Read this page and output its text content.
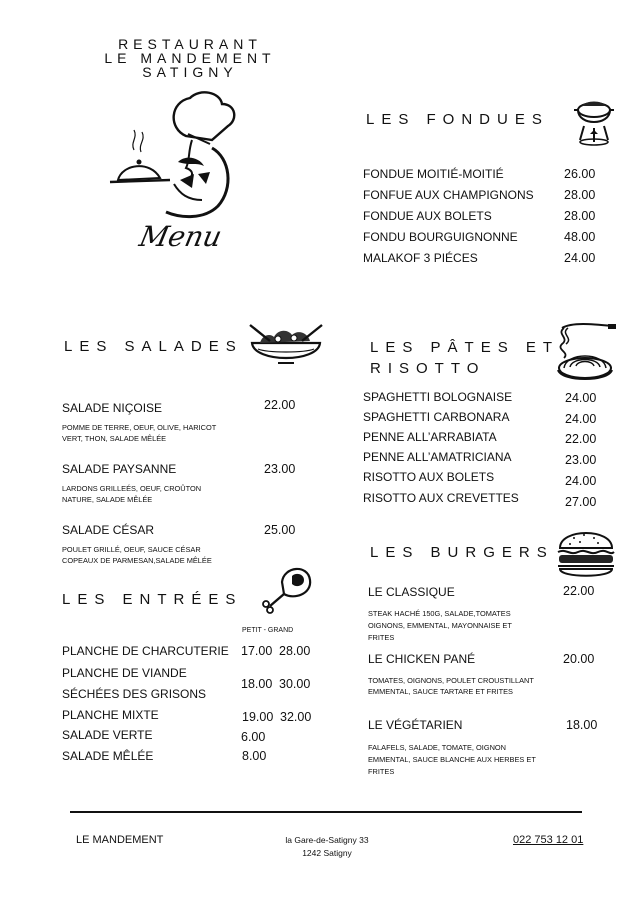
RESTAURANT
LE MANDEMENT
SATIGNY
Menu
LES FONDUES
FONDUE MOITIÉ-MOITIÉ	26.00
FONFUE AUX CHAMPIGNONS 28.00
FONDUE AUX BOLETS	28.00
FONDU BOURGUIGNONNE	48.00
MALAKOF 3 PIÉCES	24.00
LES SALADES
SALADE NIÇOISE	22.00
POMME DE TERRE, OEUF, OLIVE, HARICOT
VERT, THON, SALADE MÊLÉE
SALADE PAYSANNE	23.00
LARDONS GRILLEÉS, OEUF, CROÛTON
NATURE, SALADE MÊLÉE
SALADE CÉSAR	25.00
POULET GRILLÉ, OEUF, SAUCE CÉSAR
COPEAUX DE PARMESAN,SALADE MÊLÉE
LES PÂTES ET
RISOTTO
SPAGHETTI BOLOGNAISE	24.00
SPAGHETTI CARBONARA	24.00
PENNE ALL’ARRABIATA	22.00
PENNE ALL’AMATRICIANA	23.00
RISOTTO AUX BOLETS	24.00
RISOTTO AUX CREVETTES	27.00
LES ENTRÉES
PETIT - GRAND
PLANCHE DE CHARCUTERIE 17.00 28.00
PLANCHE DE VIANDE
SÉCHÉES DES GRISONS
18.00 30.00
PLANCHE MIXTE	19.00 32.00
SALADE VERTE	6.00
SALADE MÊLÉE	8.00
LES BURGERS
LE CLASSIQUE	22.00
STEAK HACHÉ 150G, SALADE,TOMATES
OIGNONS, EMMENTAL, MAYONNAISE ET
FRITES
LE CHICKEN PANÉ	20.00
TOMATES, OIGNONS, POULET CROUSTILLANT
EMMENTAL, SAUCE TARTARE ET FRITES
LE VÉGÉTARIEN	18.00
FALAFELS, SALADE, TOMATE, OIGNON
EMMENTAL, SAUCE BLANCHE AUX HERBES ET
FRITES
LE MANDEMENT	la Gare-de-Satigny 33
1242 Satigny
022 753 12 01
